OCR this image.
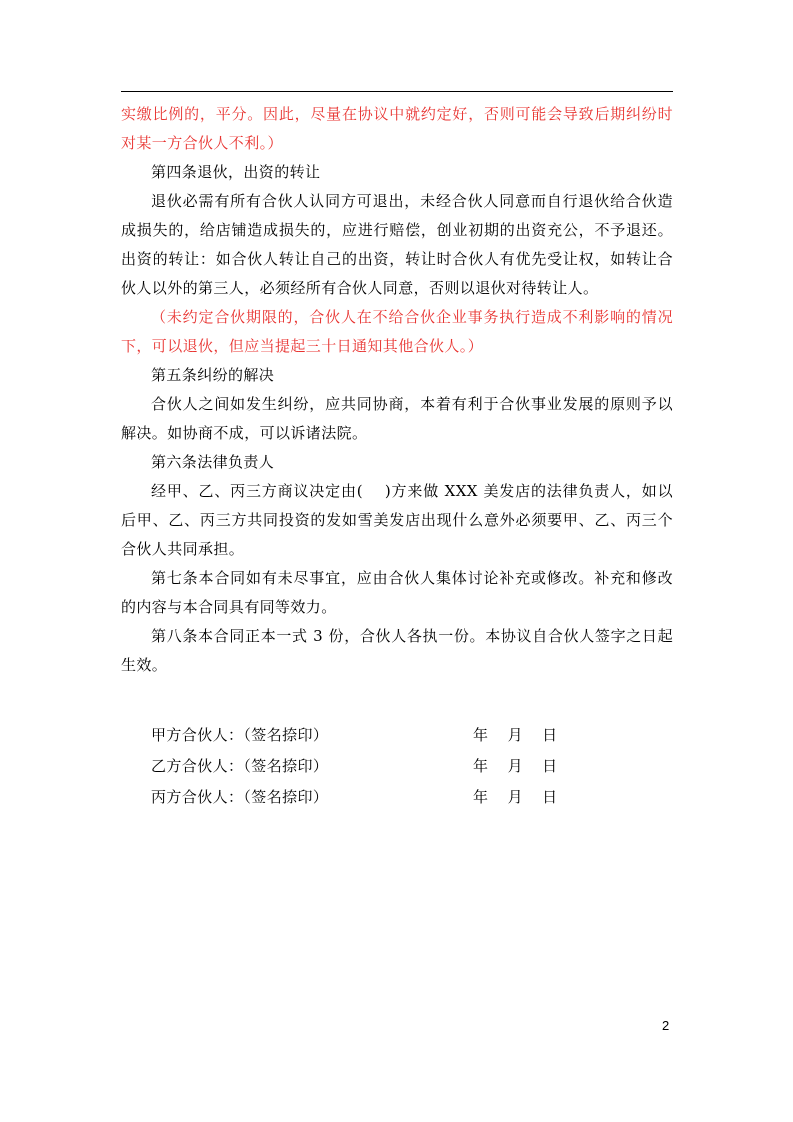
实缴比例的，平分。因此，尽量在协议中就约定好，否则可能会导致后期纠纷时对某一方合伙人不利。）

第四条退伙，出资的转让

退伙必需有所有合伙人认同方可退出，未经合伙人同意而自行退伙给合伙造成损失的，给店铺造成损失的，应进行赔偿，创业初期的出资充公，不予退还。出资的转让：如合伙人转让自己的出资，转让时合伙人有优先受让权，如转让合伙人以外的第三人，必须经所有合伙人同意，否则以退伙对待转让人。

（未约定合伙期限的，合伙人在不给合伙企业事务执行造成不利影响的情况下，可以退伙，但应当提起三十日通知其他合伙人。）

第五条纠纷的解决

合伙人之间如发生纠纷，应共同协商，本着有利于合伙事业发展的原则予以解决。如协商不成，可以诉诸法院。

第六条法律负责人

经甲、乙、丙三方商议决定由(　 )方来做 XXX 美发店的法律负责人，如以后甲、乙、丙三方共同投资的发如雪美发店出现什么意外必须要甲、乙、丙三个合伙人共同承担。

第七条本合同如有未尽事宜，应由合伙人集体讨论补充或修改。补充和修改的内容与本合同具有同等效力。

第八条本合同正本一式 3 份，合伙人各执一份。本协议自合伙人签字之日起生效。

甲方合伙人：（签名捺印）	年 月 日
乙方合伙人：（签名捺印）	年 月 日
丙方合伙人：（签名捺印）	年 月 日
2
